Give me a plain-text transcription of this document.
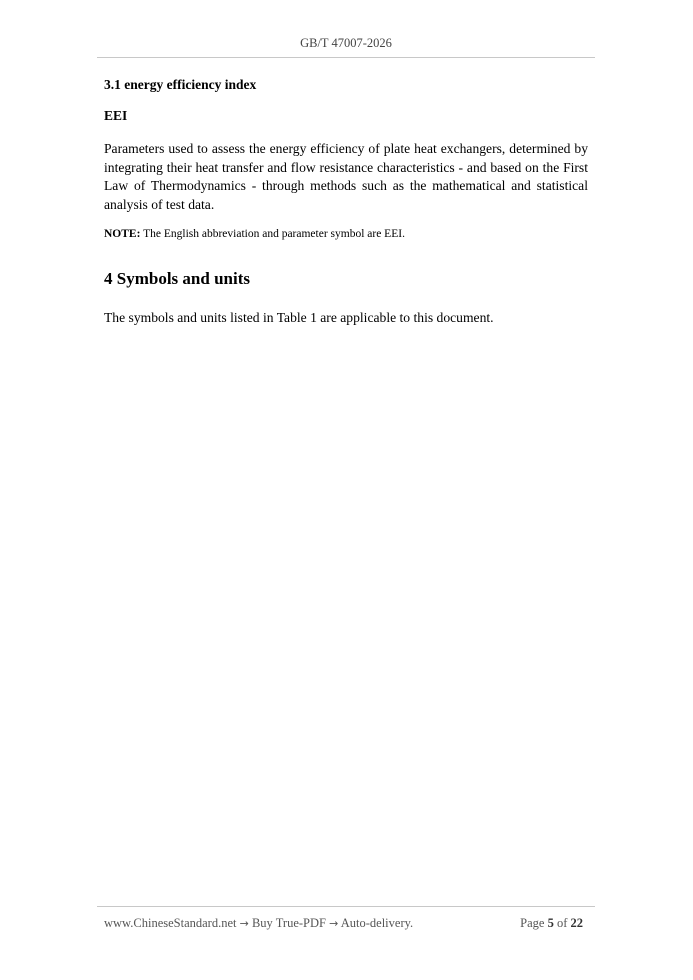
GB/T 47007-2026

3.1 energy efficiency index

EEI

Parameters used to assess the energy efficiency of plate heat exchangers, determined by integrating their heat transfer and flow resistance characteristics - and based on the First Law of Thermodynamics - through methods such as the mathematical and statistical analysis of test data.

NOTE: The English abbreviation and parameter symbol are EEI.

4 Symbols and units

The symbols and units listed in Table 1 are applicable to this document.

www.ChineseStandard.net → Buy True-PDF → Auto-delivery.	Page 5 of 22
